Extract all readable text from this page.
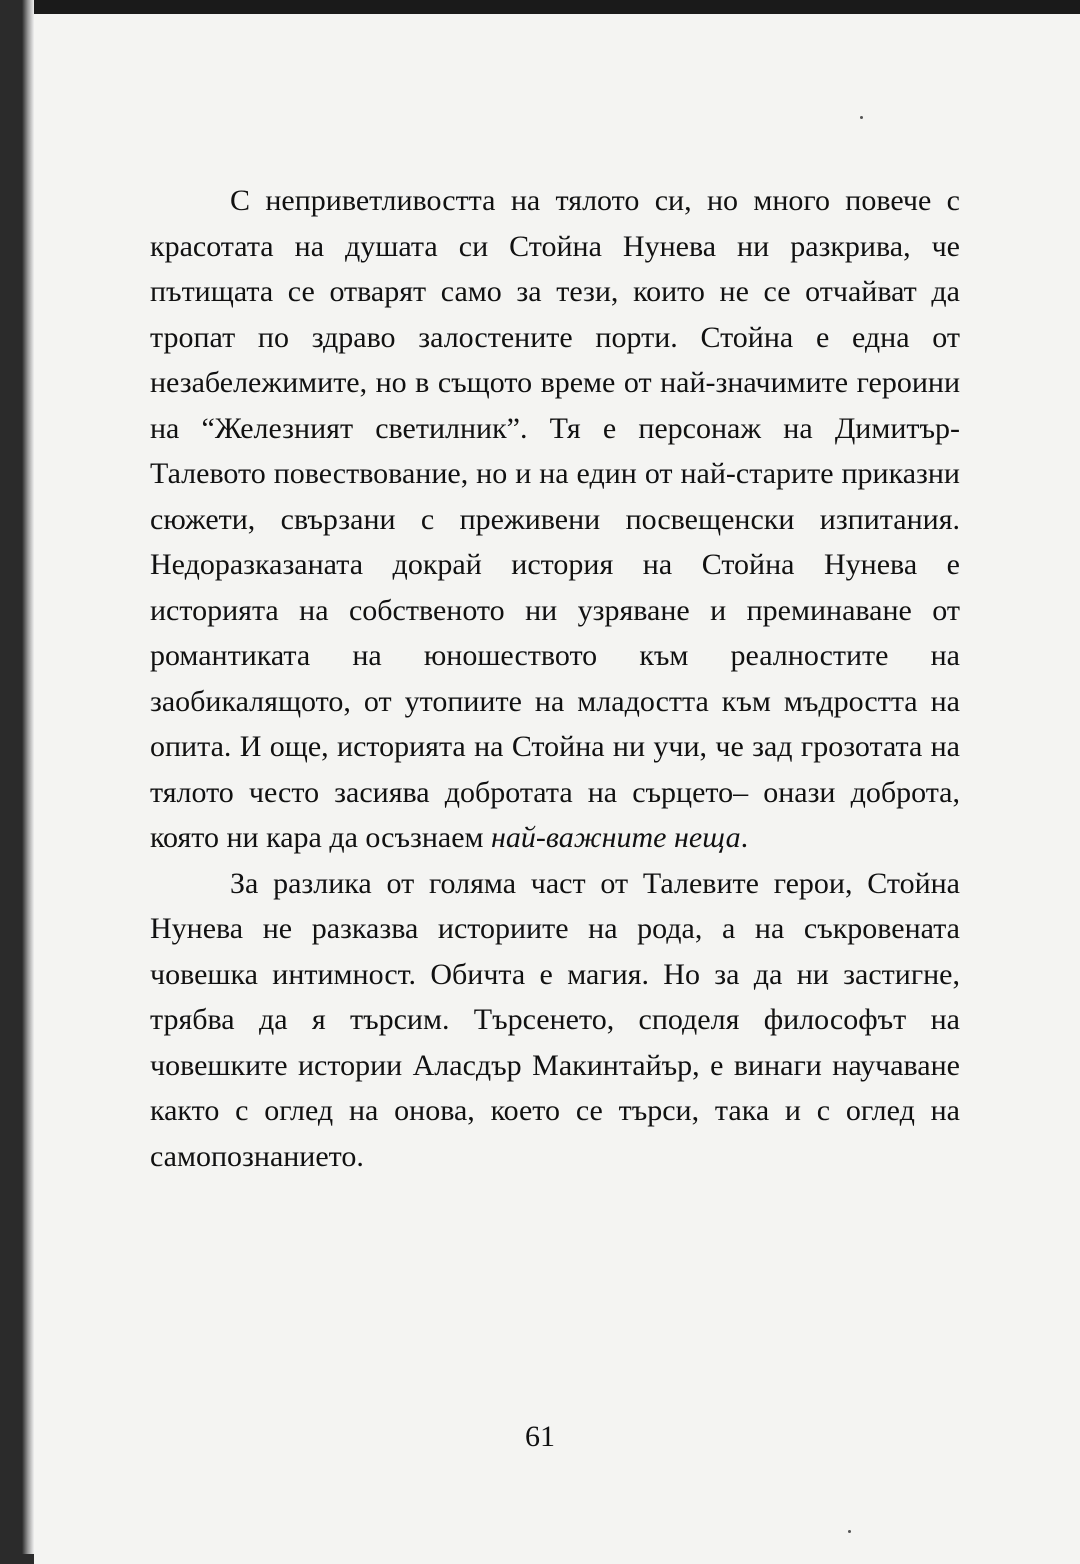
С неприветливостта на тялото си, но много повече с красотата на душата си Стойна Нунева ни разкрива, че пътищата се отварят само за тези, които не се отчайват да тропат по здраво залостените порти. Стойна е една от незабележимите, но в същото време от най-значимите героини на “Железният светилник”. Тя е персонаж на Димитър-Талевото повествование, но и на един от най-старите приказни сюжети, свързани с преживени посвещенски изпитания. Недоразказаната докрай история на Стойна Нунева е историята на собственото ни узряване и преминаване от романтиката на юношеството към реалностите на заобикалящото, от утопиите на младостта към мъдростта на опита. И още, историята на Стойна ни учи, че зад грозотата на тялото често засиява добротата на сърцето– онази доброта, която ни кара да осъзнаем най-важните неща.

За разлика от голяма част от Талевите герои, Стойна Нунева не разказва историите на рода, а на съкровената човешка интимност. Обичта е магия. Но за да ни застигне, трябва да я търсим. Търсенето, споделя философът на човешките истории Аласдър Макинтайър, е винаги научаване както с оглед на онова, което се търси, така и с оглед на самопознанието.

61
